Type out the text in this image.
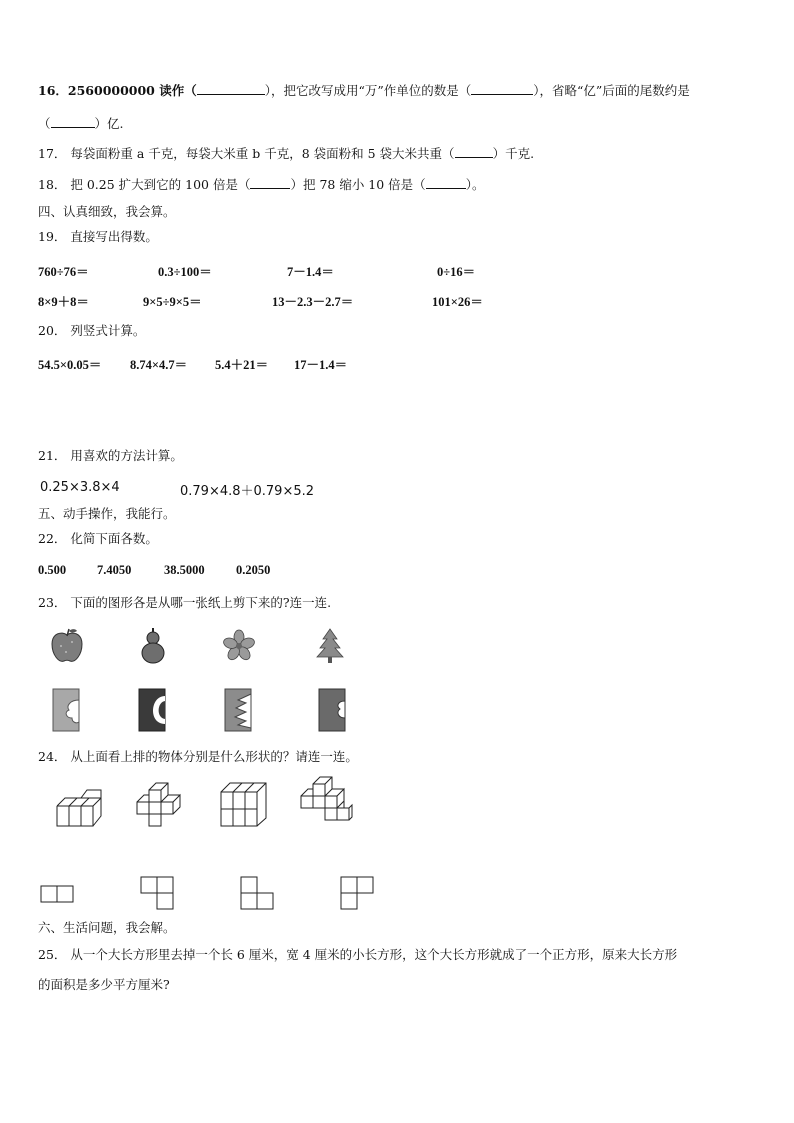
16．2560000000 读作（	），把它改写成用“万”作单位的数是（	），省略“亿”后面的尾数约是
（	）亿.
17． 每袋面粉重 a 千克，每袋大米重 b 千克，8 袋面粉和 5 袋大米共重（	）千克.
18． 把 0.25 扩大到它的 100 倍是（	）把 78 缩小 10 倍是（	）。
四、认真细致，我会算。
19． 直接写出得数。
760÷76＝	0.3÷100＝	7－1.4＝	0÷16＝
8×9＋8＝	9×5÷9×5＝	13－2.3－2.7＝	101×26＝
20． 列竖式计算。
54.5×0.05＝ 8.74×4.7＝ 5.4＋21＝ 17－1.4＝
21． 用喜欢的方法计算。
0.25×3.8×4	0.79×4.8＋0.79×5.2
五、动手操作，我能行。
22． 化简下面各数。
0.500 7.4050	38.5000	0.2050
23． 下面的图形各是从哪一张纸上剪下来的?连一连.
24． 从上面看上排的物体分别是什么形状的？请连一连。
六、生活问题，我会解。
25． 从一个大长方形里去掉一个长 6 厘米，宽 4 厘米的小长方形，这个大长方形就成了一个正方形，原来大长方形
的面积是多少平方厘米?
